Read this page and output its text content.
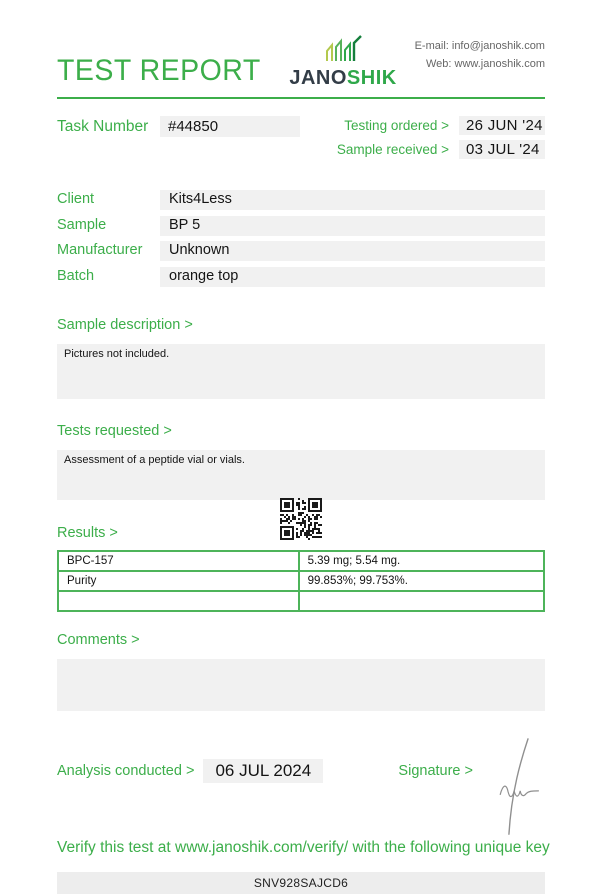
TEST REPORT JANOSHIK
E-mail: info@janoshik.com
Web: www.janoshik.com
Task Number	#44850	Testing ordered >	26 JUN '24
Sample received >	03 JUL '24
Client	Kits4Less
Sample	BP 5
Manufacturer	Unknown
Batch	orange top

Sample description >

Pictures not included.

Tests requested >

Assessment of a peptide vial or vials.
Results >
BPC-157	5.39 mg; 5.54 mg.
Purity	99.853%; 99.753%.

Comments >

Analysis conducted >	06 JUL 2024	Signature >

Verify this test at www.janoshik.com/verify/ with the following unique key

SNV928SAJCD6
